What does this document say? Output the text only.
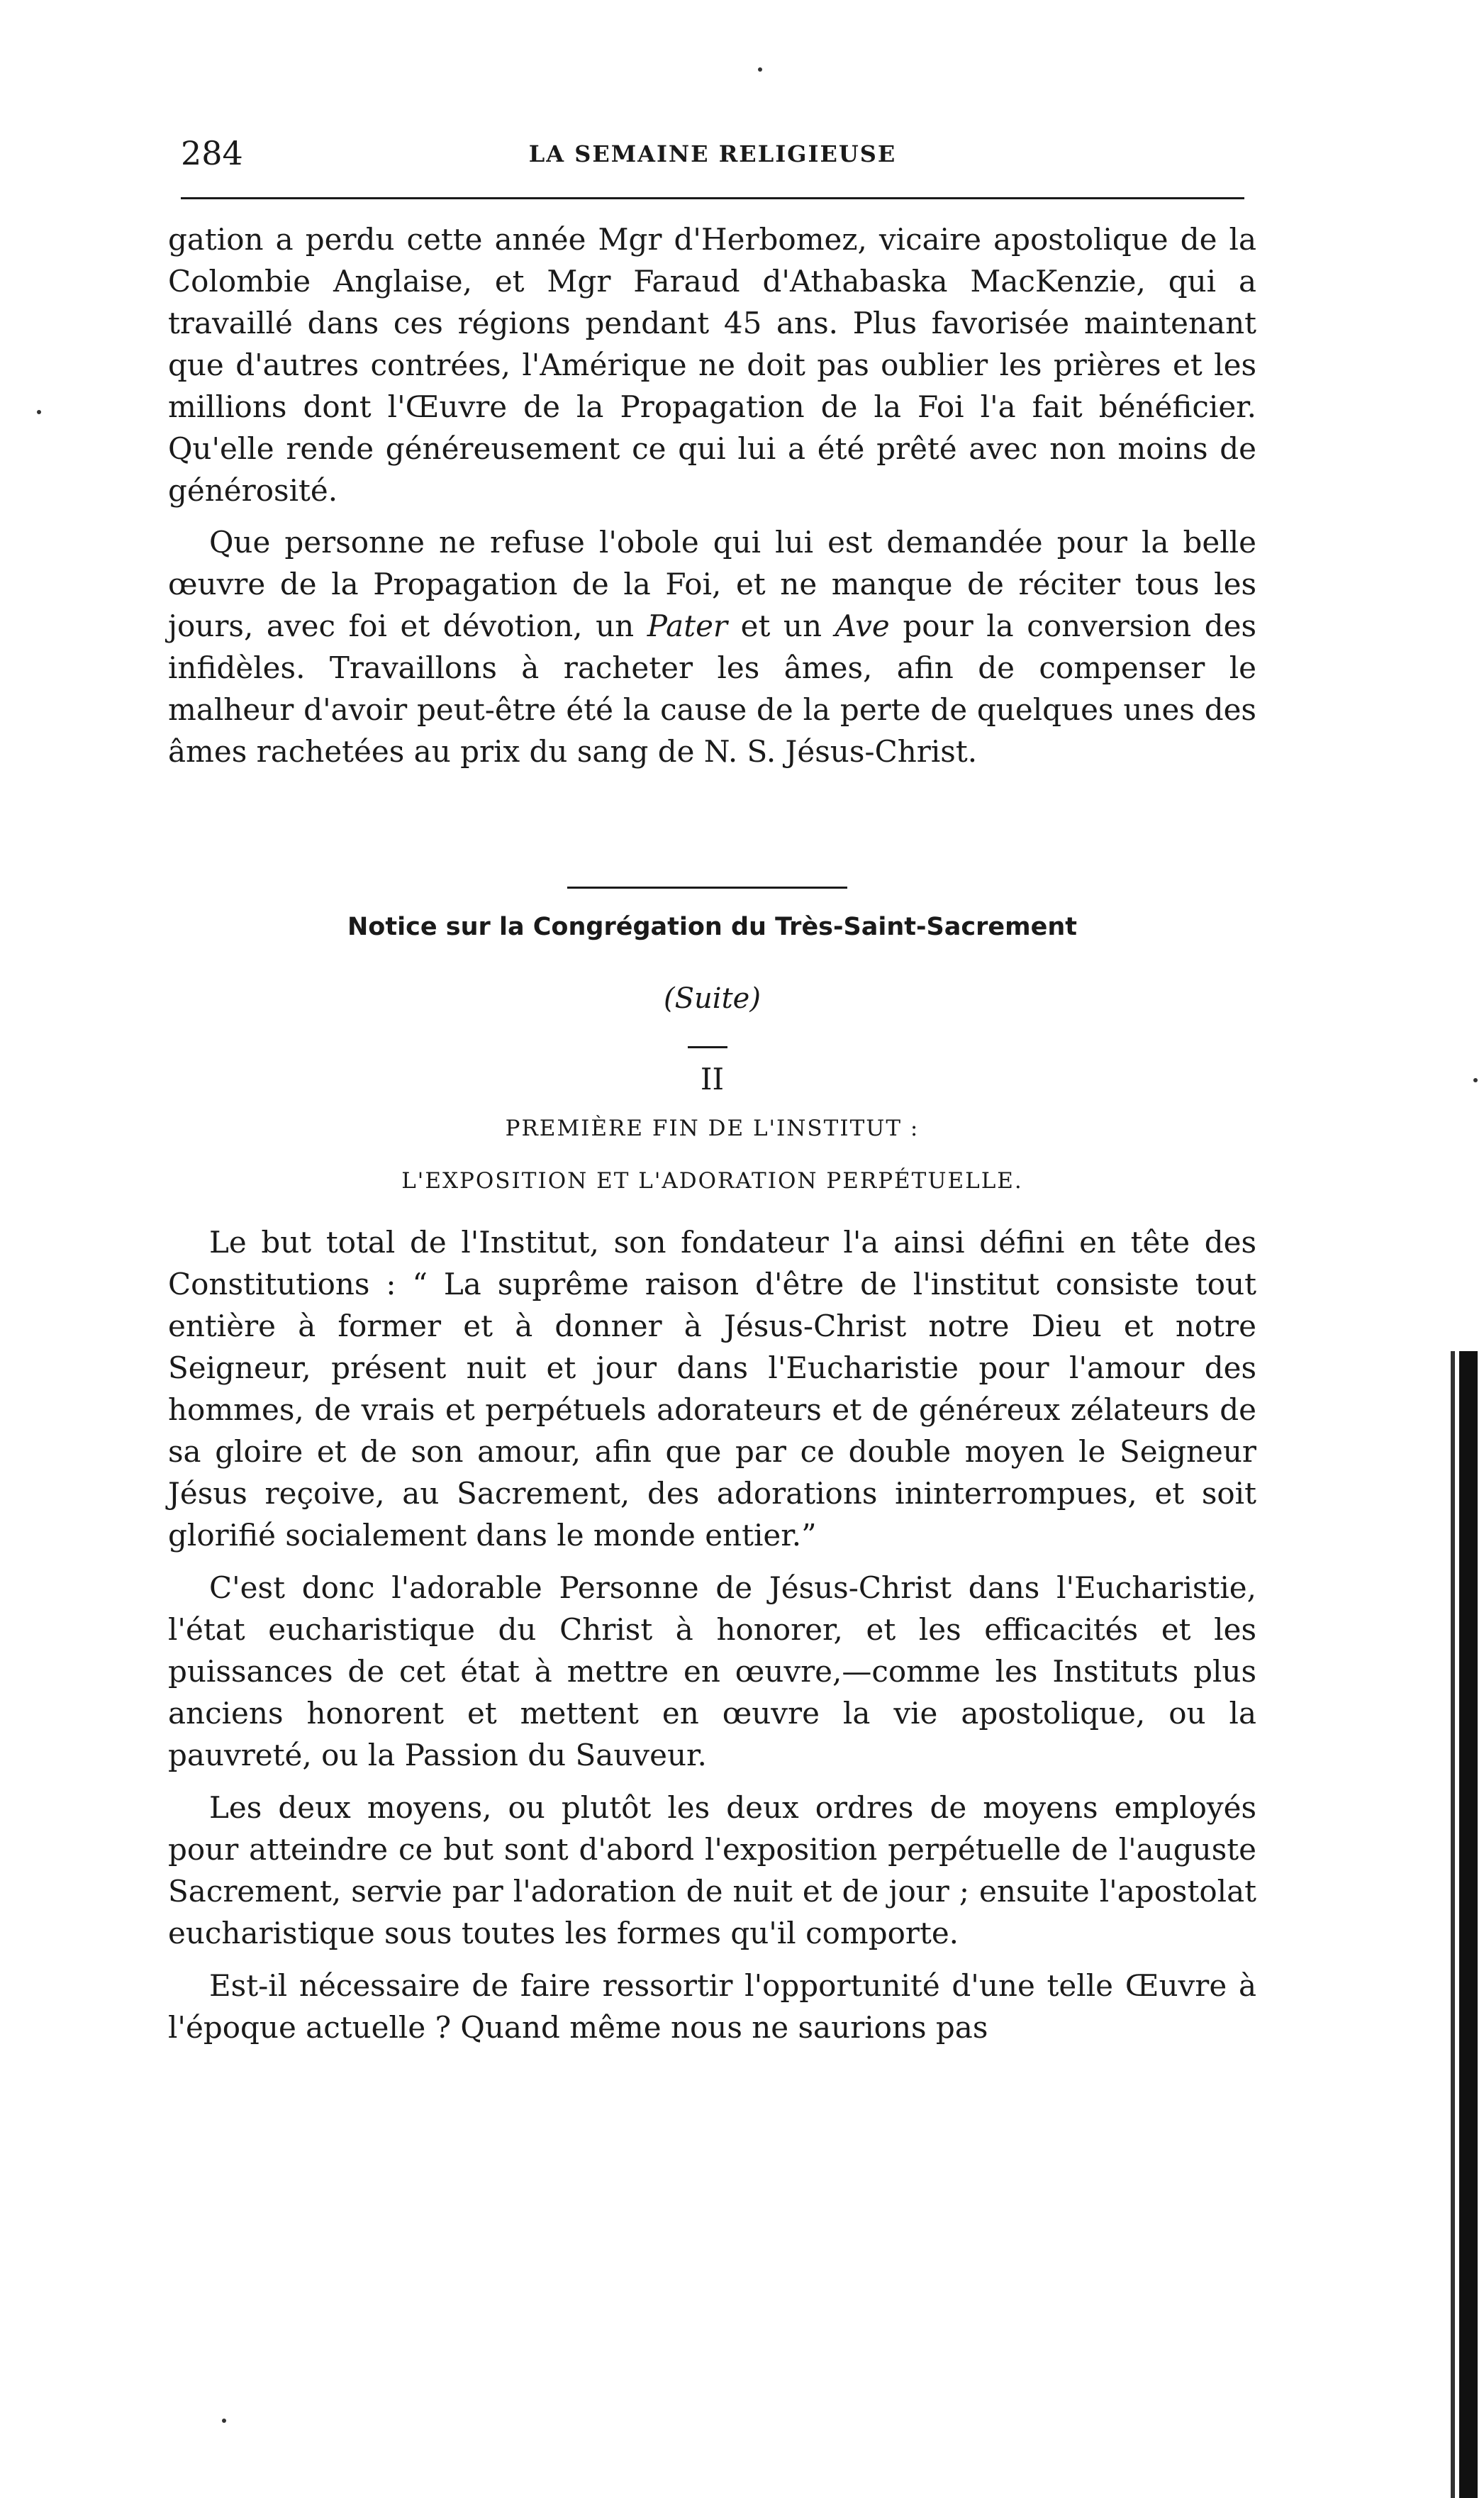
284	LA SEMAINE RELIGIEUSE

gation a perdu cette année Mgr d'Herbomez, vicaire apostolique de la Colombie Anglaise, et Mgr Faraud d'Athabaska MacKenzie, qui a travaillé dans ces régions pendant 45 ans. Plus favorisée maintenant que d'autres contrées, l'Amérique ne doit pas oublier les prières et les millions dont l'Œuvre de la Propagation de la Foi l'a fait bénéficier. Qu'elle rende généreusement ce qui lui a été prêté avec non moins de générosité.

Que personne ne refuse l'obole qui lui est demandée pour la belle œuvre de la Propagation de la Foi, et ne manque de réciter tous les jours, avec foi et dévotion, un Pater et un Ave pour la conversion des infidèles. Travaillons à racheter les âmes, afin de compenser le malheur d'avoir peut-être été la cause de la perte de quelques unes des âmes rachetées au prix du sang de N. S. Jésus-Christ.

Notice sur la Congrégation du Très-Saint-Sacrement
(Suite)
II
PREMIÈRE FIN DE L'INSTITUT :
L'EXPOSITION ET L'ADORATION PERPÉTUELLE.

Le but total de l'Institut, son fondateur l'a ainsi défini en tête des Constitutions : “ La suprême raison d'être de l'institut consiste tout entière à former et à donner à Jésus-Christ notre Dieu et notre Seigneur, présent nuit et jour dans l'Eucharistie pour l'amour des hommes, de vrais et perpétuels adorateurs et de généreux zélateurs de sa gloire et de son amour, afin que par ce double moyen le Seigneur Jésus reçoive, au Sacrement, des adorations ininterrompues, et soit glorifié socialement dans le monde entier.”

C'est donc l'adorable Personne de Jésus-Christ dans l'Eucharistie, l'état eucharistique du Christ à honorer, et les efficacités et les puissances de cet état à mettre en œuvre,—comme les Instituts plus anciens honorent et mettent en œuvre la vie apostolique, ou la pauvreté, ou la Passion du Sauveur.

Les deux moyens, ou plutôt les deux ordres de moyens employés pour atteindre ce but sont d'abord l'exposition perpétuelle de l'auguste Sacrement, servie par l'adoration de nuit et de jour ; ensuite l'apostolat eucharistique sous toutes les formes qu'il comporte.

Est-il nécessaire de faire ressortir l'opportunité d'une telle Œuvre à l'époque actuelle ? Quand même nous ne saurions pas
